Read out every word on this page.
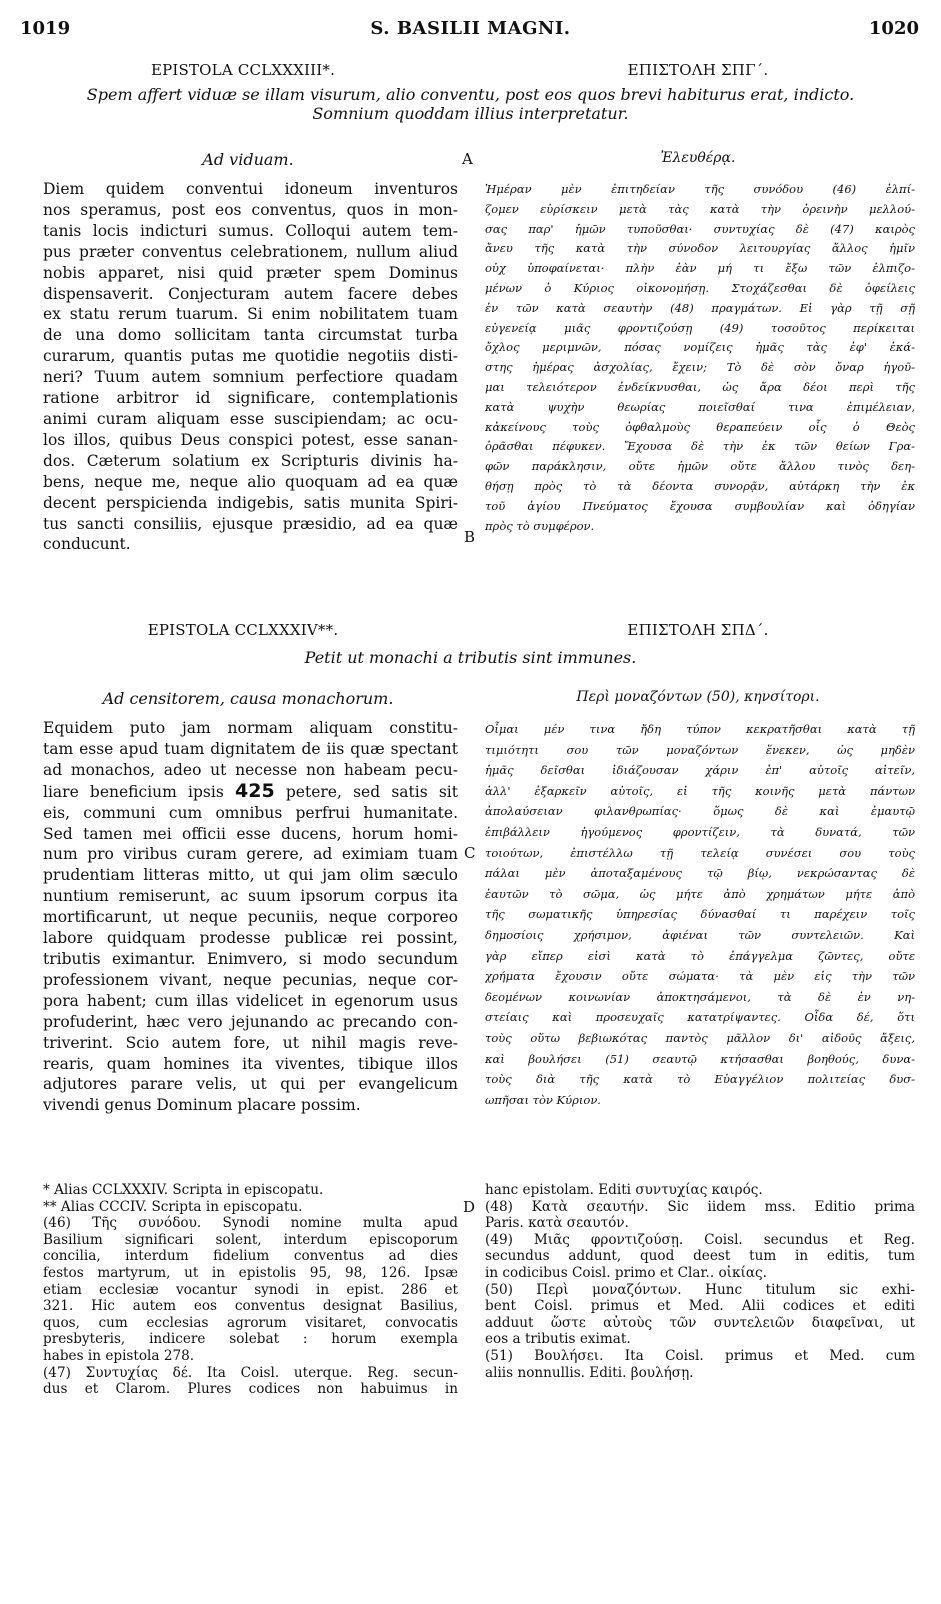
1019	S. BASILII MAGNI.	1020
EPISTOLA CCLXXXIII*.	ΕΠΙΣΤΟΛΗ ΣΠΓ΄.
Spem affert viduæ se illam visurum, alio conventu, post eos quos brevi habiturus erat, indicto.
Somnium quoddam illius interpretatur.
Ad viduam.	A	Ἐλευθέρᾳ.
Diem quidem conventui idoneum inventuros
nos speramus, post eos conventus, quos in mon-
tanis locis indicturi sumus. Colloqui autem tem-
pus præter conventus celebrationem, nullum aliud
nobis apparet, nisi quid præter spem Dominus
dispensaverit. Conjecturam autem facere debes
ex statu rerum tuarum. Si enim nobilitatem tuam
de una domo sollicitam tanta circumstat turba
curarum, quantis putas me quotidie negotiis disti-
neri? Tuum autem somnium perfectiore quadam
ratione arbitror id significare, contemplationis
animi curam aliquam esse suscipiendam; ac ocu-
los illos, quibus Deus conspici potest, esse sanan-
dos. Cæterum solatium ex Scripturis divinis ha-
bens, neque me, neque alio quoquam ad ea quæ
decent perspicienda indigebis, satis munita Spiri-
tus sancti consiliis, ejusque præsidio, ad ea quæ
conducunt.	B
Ἡμέραν μὲν ἐπιτηδείαν τῆς συνόδου (46) ἐλπί-
ζομεν εὑρίσκειν μετὰ τὰς κατὰ τὴν ὀρεινὴν μελλού-
σας παρ' ἡμῶν τυποῦσθαι· συντυχίας δὲ (47) καιρὸς
ἄνευ τῆς κατὰ τὴν σύνοδον λειτουργίας ἄλλος ἡμῖν
οὐχ ὑποφαίνεται· πλὴν ἐὰν μή τι ἔξω τῶν ἐλπιζο-
μένων ὁ Κύριος οἰκονομήσῃ. Στοχάζεσθαι δὲ ὀφείλεις
ἐν τῶν κατὰ σεαυτὴν (48) πραγμάτων. Εἰ γὰρ τῇ σῇ
εὐγενείᾳ μιᾶς φροντιζούσῃ (49) τοσοῦτος περίκειται
ὄχλος μεριμνῶν, πόσας νομίζεις ἡμᾶς τὰς ἐφ' ἑκά-
στης ἡμέρας ἀσχολίας, ἔχειν; Τὸ δὲ σὸν ὄναρ ἡγοῦ-
μαι τελειότερον ἐνδείκνυσθαι, ὡς ἄρα δέοι περὶ τῆς
κατὰ ψυχὴν θεωρίας ποιεῖσθαί τινα ἐπιμέλειαν,
κἀκείνους τοὺς ὀφθαλμοὺς θεραπεύειν οἷς ὁ Θεὸς
ὁρᾶσθαι πέφυκεν. Ἔχουσα δὲ τὴν ἐκ τῶν θείων Γρα-
φῶν παράκλησιν, οὔτε ἡμῶν οὔτε ἄλλου τινὸς δεη-
θήσῃ πρὸς τὸ τὰ δέοντα συνορᾷν, αὐτάρκη τὴν ἐκ
τοῦ ἁγίου Πνεύματος ἔχουσα συμβουλίαν καὶ ὁδηγίαν
πρὸς τὸ συμφέρον.
EPISTOLA CCLXXXIV**.	ΕΠΙΣΤΟΛΗ ΣΠΔ΄.
Petit ut monachi a tributis sint immunes.
Ad censitorem, causa monachorum.	Περὶ μοναζόντων (50), κηνσίτορι.
Equidem puto jam normam aliquam constitu-
tam esse apud tuam dignitatem de iis quæ spectant
ad monachos, adeo ut necesse non habeam pecu-
liare beneficium ipsis 425 petere, sed satis sit
eis, communi cum omnibus perfrui humanitate.
Sed tamen mei officii esse ducens, horum homi-
num pro viribus curam gerere, ad eximiam tuam
prudentiam litteras mitto, ut qui jam olim sæculo
nuntium remiserunt, ac suum ipsorum corpus ita
mortificarunt, ut neque pecuniis, neque corporeo
labore quidquam prodesse publicæ rei possint,
tributis eximantur. Enimvero, si modo secundum
professionem vivant, neque pecunias, neque cor-
pora habent; cum illas videlicet in egenorum usus
profuderint, hæc vero jejunando ac precando con-
triverint. Scio autem fore, ut nihil magis reve-
rearis, quam homines ita viventes, tibique illos
adjutores parare velis, ut qui per evangelicum
vivendi genus Dominum placare possim.
C
Οἶμαι μέν τινα ἤδη τύπον κεκρατῆσθαι κατὰ τῇ
τιμιότητι σου τῶν μοναζόντων ἕνεκεν, ὡς μηδὲν
ἡμᾶς δεῖσθαι ἰδιάζουσαν χάριν ἐπ' αὐτοῖς αἰτεῖν,
ἀλλ' ἐξαρκεῖν αὐτοῖς, εἰ τῆς κοινῆς μετὰ πάντων
ἀπολαύσειαν φιλανθρωπίας· ὅμως δὲ καὶ ἐμαυτῷ
ἐπιβάλλειν ἡγούμενος φροντίζειν, τὰ δυνατά, τῶν
τοιούτων, ἐπιστέλλω τῇ τελείᾳ συνέσει σου τοὺς
πάλαι μὲν ἀποταξαμένους τῷ βίῳ, νεκρώσαντας δὲ
ἑαυτῶν τὸ σῶμα, ὡς μήτε ἀπὸ χρημάτων μήτε ἀπὸ
τῆς σωματικῆς ὑπηρεσίας δύνασθαί τι παρέχειν τοῖς
δημοσίοις χρήσιμον, ἀφιέναι τῶν συντελειῶν. Καὶ
γὰρ εἴπερ εἰσὶ κατὰ τὸ ἐπάγγελμα ζῶντες, οὔτε
χρήματα ἔχουσιν οὔτε σώματα· τὰ μὲν εἰς τὴν τῶν
δεομένων κοινωνίαν ἀποκτησάμενοι, τὰ δὲ ἐν νη-
στείαις καὶ προσευχαῖς κατατρίψαντες. Οἶδα δέ, ὅτι
τοὺς οὕτω βεβιωκότας παντὸς μᾶλλον δι' αἰδοῦς ἄξεις,
καὶ βουλήσει (51) σεαυτῷ κτήσασθαι βοηθούς, δυνα-
τοὺς διὰ τῆς κατὰ τὸ Εὐαγγέλιον πολιτείας δυσ-
ωπῆσαι τὸν Κύριον.
* Alias CCLXXXIV. Scripta in episcopatu.
** Alias CCCIV. Scripta in episcopatu.
(46) Τῆς συνόδου. Synodi nomine multa apud
Basilium significari solent, interdum episcoporum
concilia, interdum fidelium conventus ad dies
festos martyrum, ut in epistolis 95, 98, 126. Ipsæ
etiam ecclesiæ vocantur synodi in epist. 286 et
321. Hic autem eos conventus designat Basilius,
quos, cum ecclesias agrorum visitaret, convocatis
presbyteris, indicere solebat : horum exempla
habes in epistola 278.
(47) Συντυχίας δέ. Ita Coisl. uterque. Reg. secun-
dus et Clarom. Plures codices non habuimus in
D
hanc epistolam. Editi συντυχίας καιρός.
(48) Κατὰ σεαυτήν. Sic iidem mss. Editio prima
Paris. κατὰ σεαυτόν.
(49) Μιᾶς φροντιζούσῃ. Coisl. secundus et Reg.
secundus addunt, quod deest tum in editis, tum
in codicibus Coisl. primo et Clar.. οἰκίας.
(50) Περὶ μοναζόντων. Hunc titulum sic exhi-
bent Coisl. primus et Med. Alii codices et editi
adduut ὥστε αὐτοὺς τῶν συντελειῶν διαφεῖναι, ut
eos a tributis eximat.
(51) Βουλήσει. Ita Coisl. primus et Med. cum
aliis nonnullis. Editi. βουλήσῃ.
